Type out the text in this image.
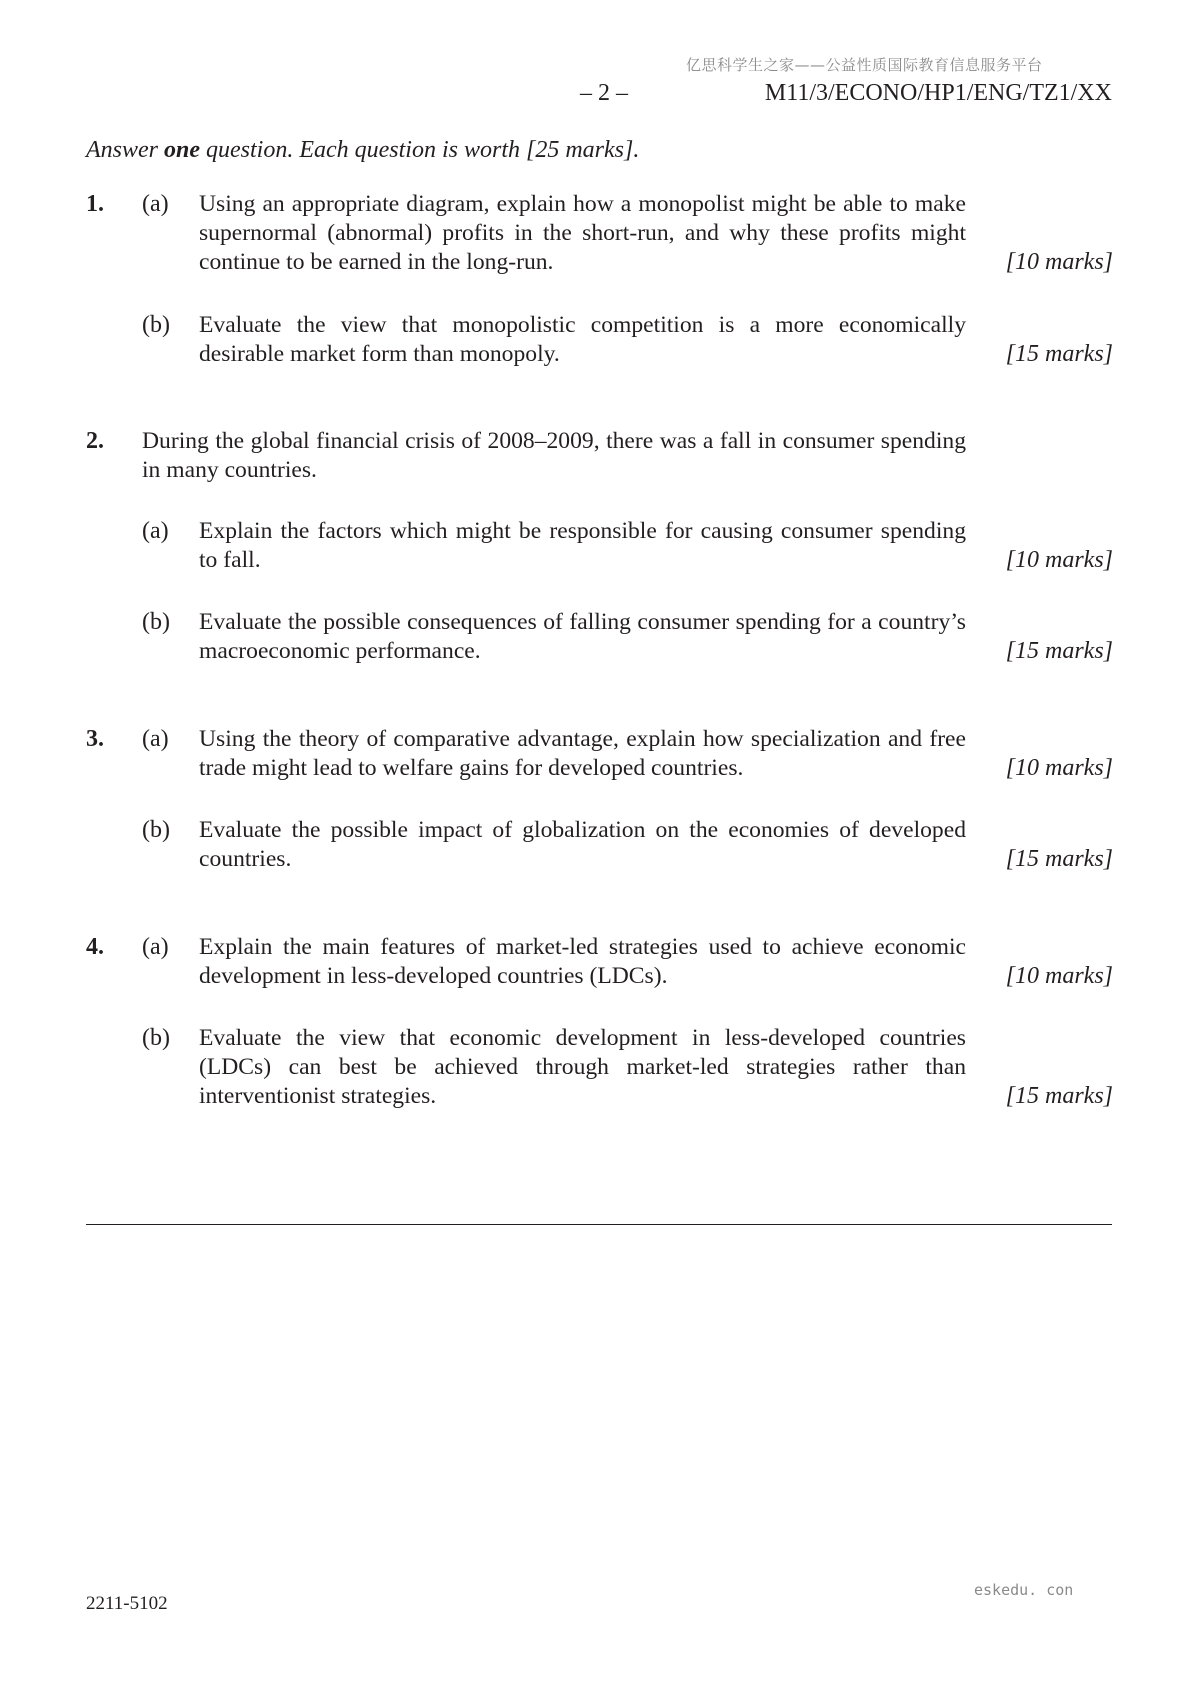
亿思科学生之家——公益性质国际教育信息服务平台
– 2 –	M11/3/ECONO/HP1/ENG/TZ1/XX
Answer one question. Each question is worth [25 marks].
1. (a) Using an appropriate diagram, explain how a monopolist might be able to make supernormal (abnormal) profits in the short-run, and why these profits might continue to be earned in the long-run.	[10 marks]
(b) Evaluate the view that monopolistic competition is a more economically desirable market form than monopoly.	[15 marks]
2. During the global financial crisis of 2008–2009, there was a fall in consumer spending in many countries.
(a) Explain the factors which might be responsible for causing consumer spending to fall.	[10 marks]
(b) Evaluate the possible consequences of falling consumer spending for a country’s macroeconomic performance.	[15 marks]
3. (a) Using the theory of comparative advantage, explain how specialization and free trade might lead to welfare gains for developed countries.	[10 marks]
(b) Evaluate the possible impact of globalization on the economies of developed countries.	[15 marks]
4. (a) Explain the main features of market-led strategies used to achieve economic development in less-developed countries (LDCs).	[10 marks]
(b) Evaluate the view that economic development in less-developed countries (LDCs) can best be achieved through market-led strategies rather than interventionist strategies.	[15 marks]
2211-5102
eskedu. con
